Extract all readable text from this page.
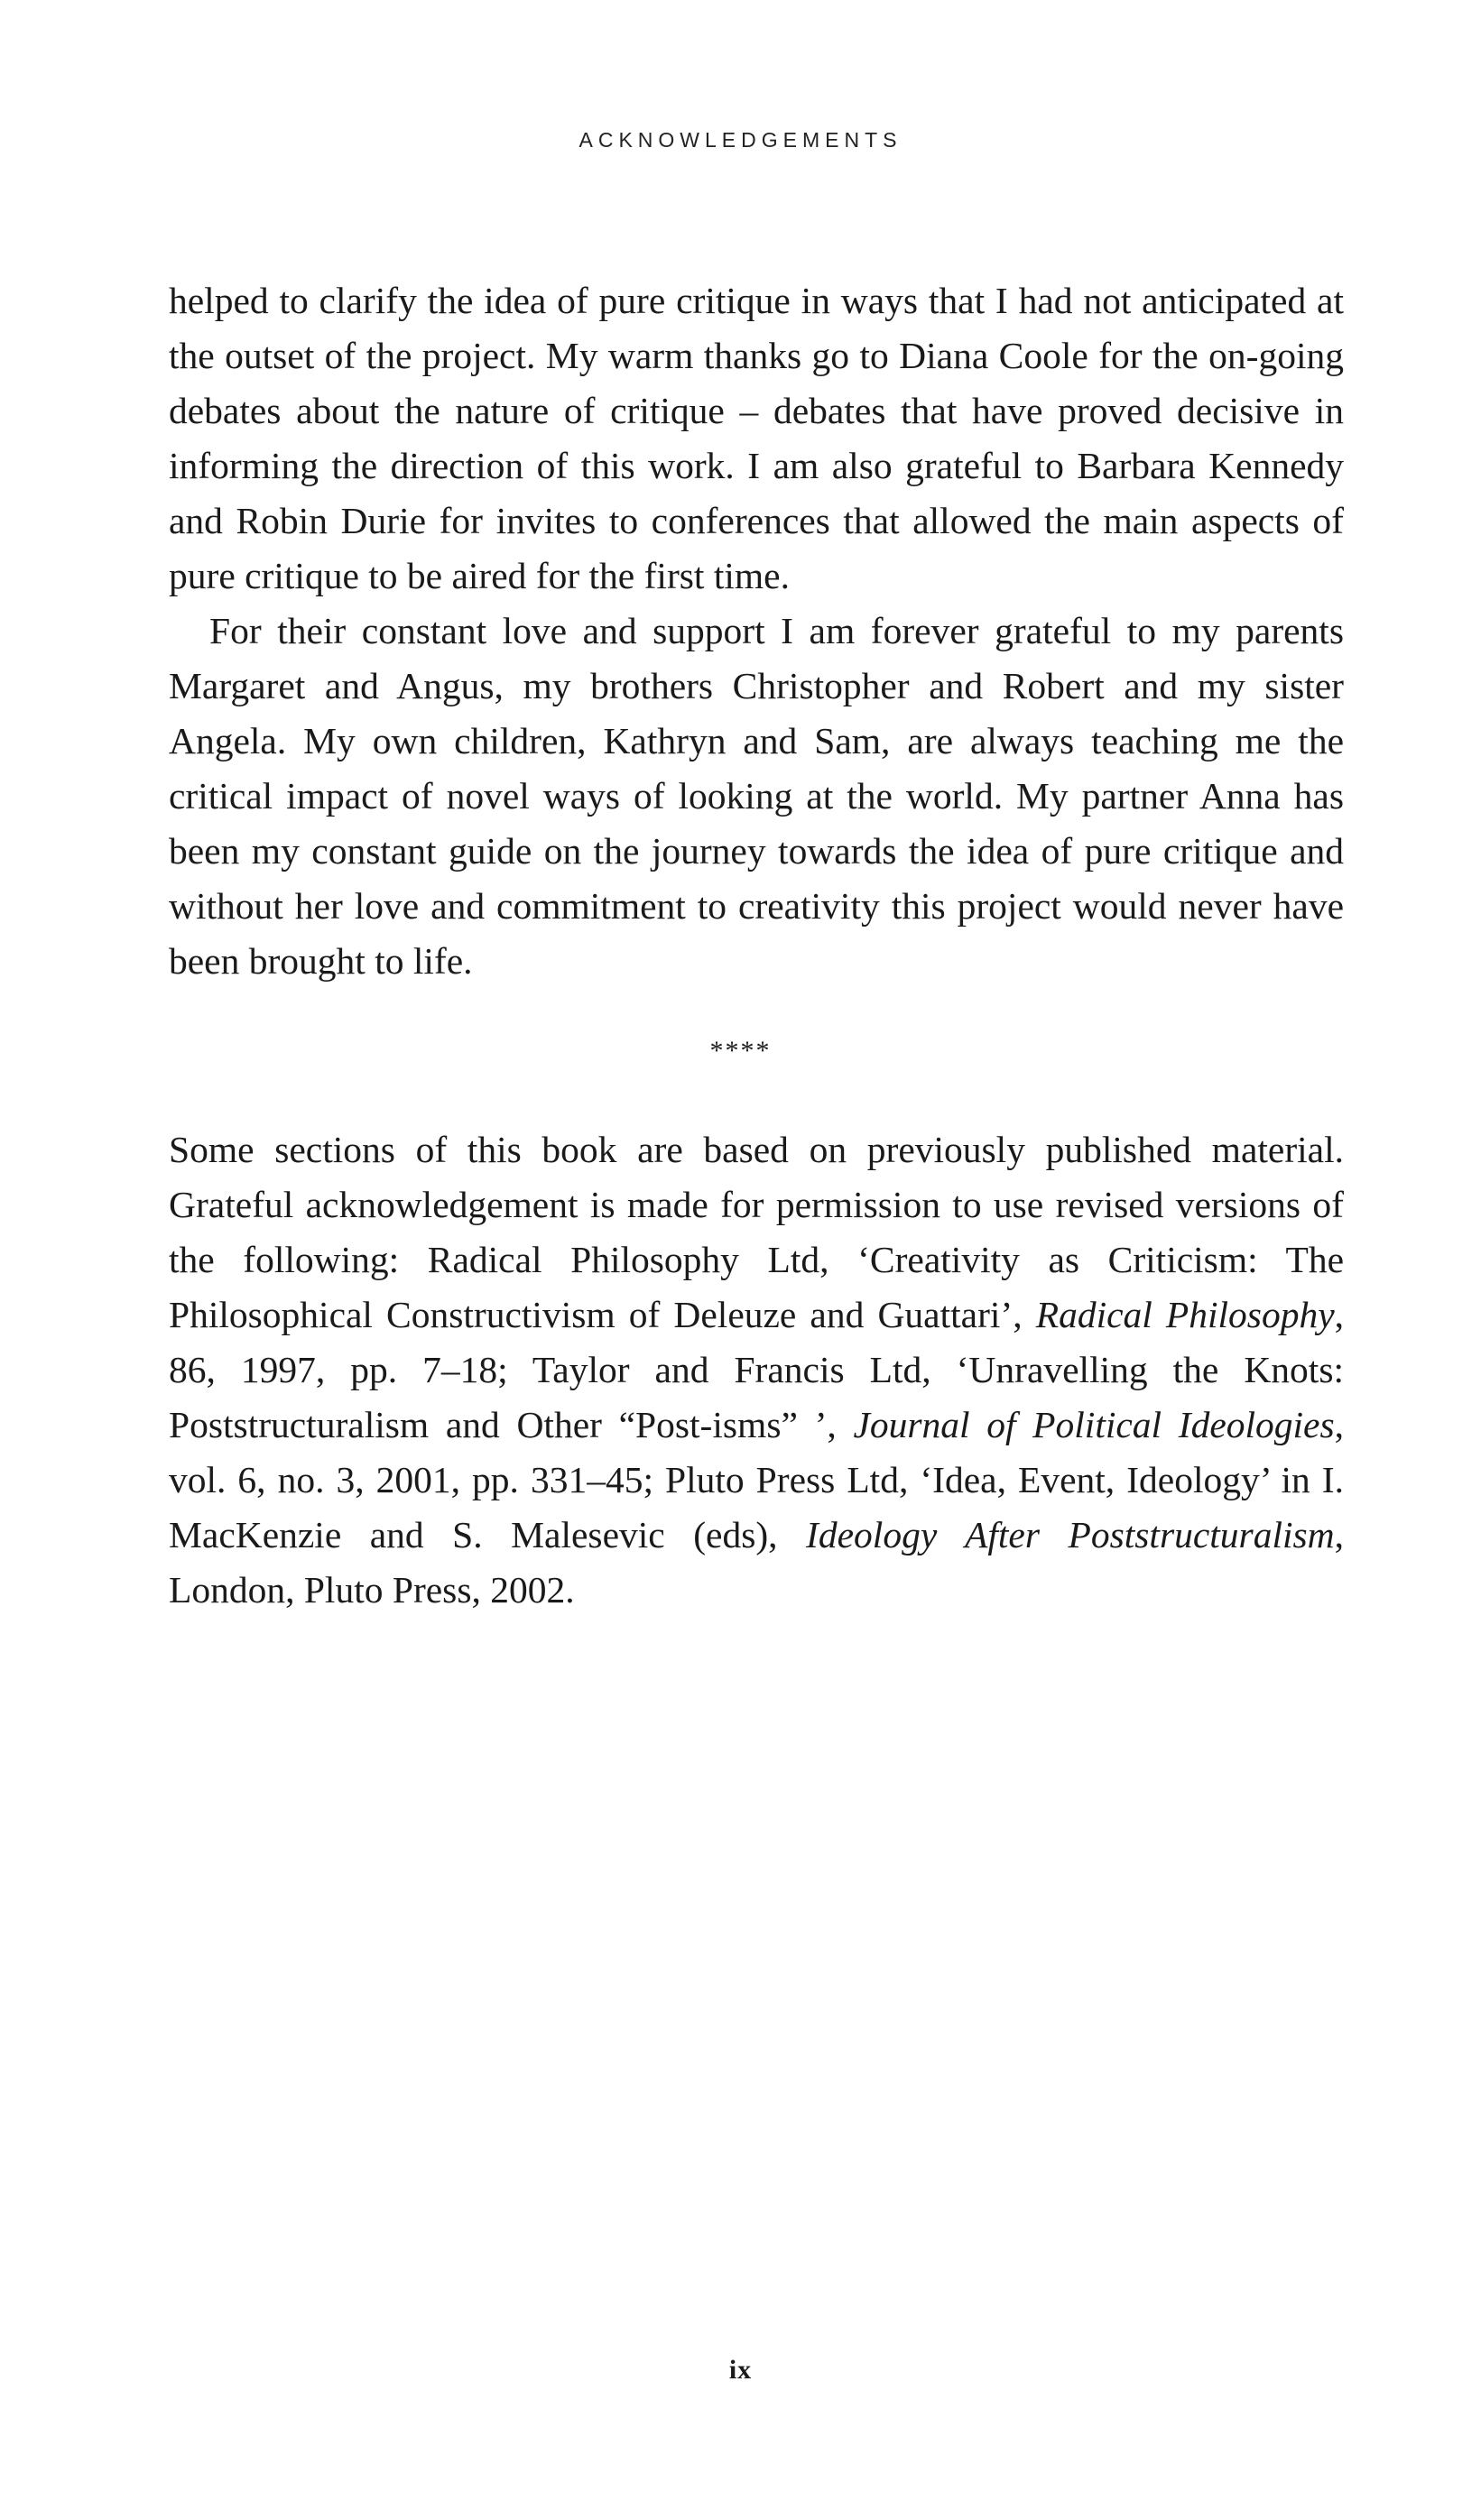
ACKNOWLEDGEMENTS

helped to clarify the idea of pure critique in ways that I had not anticipated at the outset of the project. My warm thanks go to Diana Coole for the on-going debates about the nature of critique – debates that have proved decisive in informing the direction of this work. I am also grateful to Barbara Kennedy and Robin Durie for invites to conferences that allowed the main aspects of pure critique to be aired for the first time.

For their constant love and support I am forever grateful to my parents Margaret and Angus, my brothers Christopher and Robert and my sister Angela. My own children, Kathryn and Sam, are always teaching me the critical impact of novel ways of looking at the world. My partner Anna has been my constant guide on the journey towards the idea of pure critique and without her love and commitment to creativity this project would never have been brought to life.

****

Some sections of this book are based on previously published material. Grateful acknowledgement is made for permission to use revised versions of the following: Radical Philosophy Ltd, ‘Creativity as Criticism: The Philosophical Constructivism of Deleuze and Guattari’, Radical Philosophy, 86, 1997, pp. 7–18; Taylor and Francis Ltd, ‘Unravelling the Knots: Poststructuralism and Other “Post-isms” ’, Journal of Political Ideologies, vol. 6, no. 3, 2001, pp. 331–45; Pluto Press Ltd, ‘Idea, Event, Ideology’ in I. MacKenzie and S. Malesevic (eds), Ideology After Poststructuralism, London, Pluto Press, 2002.

ix
